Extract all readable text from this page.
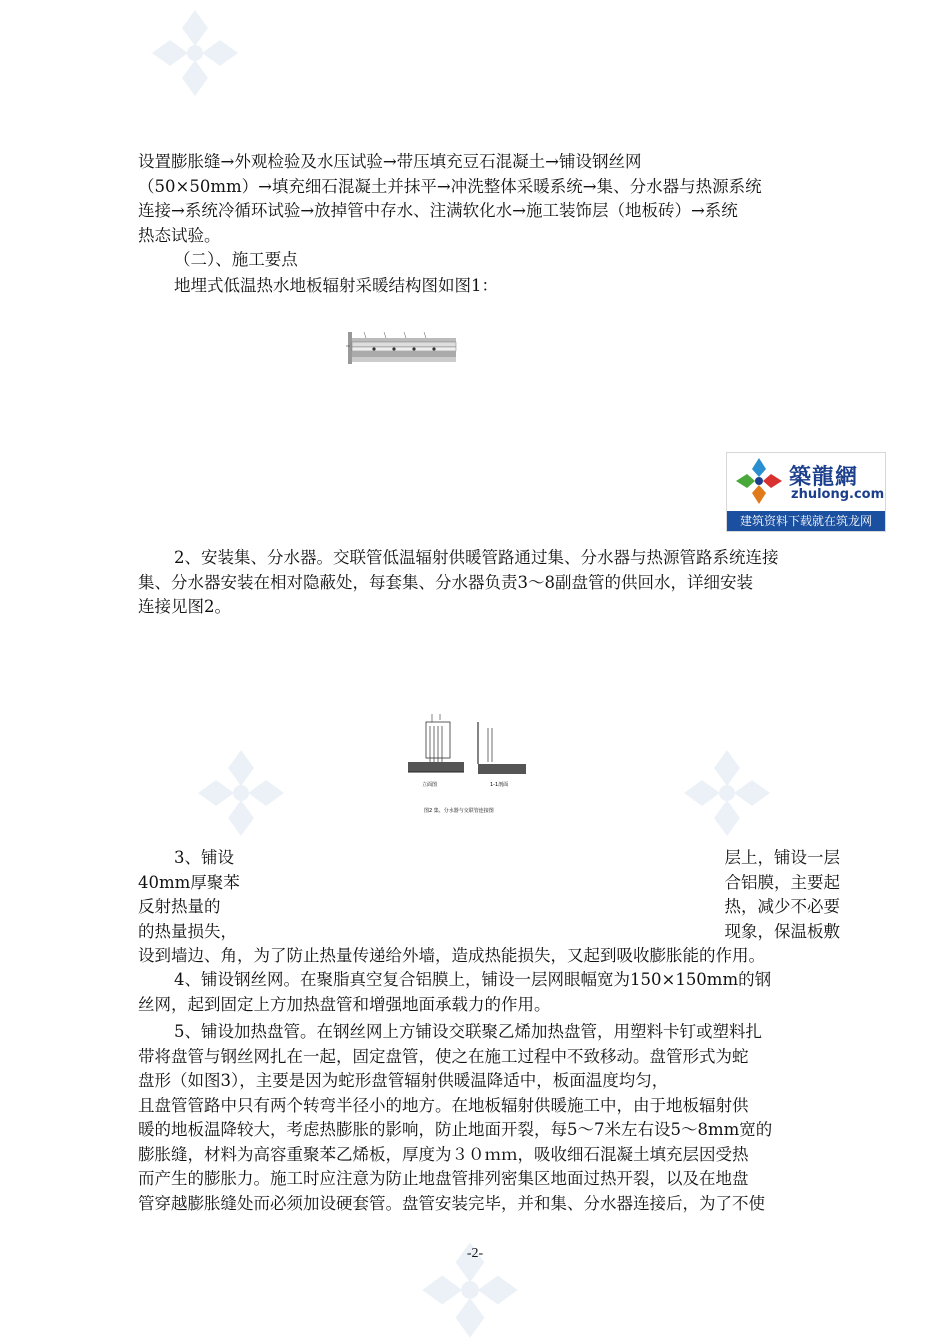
设置膨胀缝→外观检验及水压试验→带压填充豆石混凝土→铺设钢丝网
（50×50mm）→填充细石混凝土并抹平→冲洗整体采暖系统→集、分水器与热源系统
连接→系统冷循环试验→放掉管中存水、注满软化水→施工装饰层（地板砖）→系统
热态试验。
（二）、施工要点
地埋式低温热水地板辐射采暖结构图如图1：
築龍網
zhulong.com
建筑资料下载就在筑龙网
2、安装集、分水器。交联管低温辐射供暖管路通过集、分水器与热源管路系统连接
集、分水器安装在相对隐蔽处，每套集、分水器负责3～8副盘管的供回水，详细安装
连接见图2。
立面图	1-1剖面
图2 集、分水器与交联管连接图
3、铺设
40mm厚聚苯
反射热量的
的热量损失，
设到墙边、角，为了防止热量传递给外墙，造成热能损失，又起到吸收膨胀能的作用。
层上，铺设一层
合铝膜，主要起
热，减少不必要
现象，保温板敷
4、铺设钢丝网。在聚脂真空复合铝膜上，铺设一层网眼幅宽为150×150mm的钢
丝网，起到固定上方加热盘管和增强地面承载力的作用。
5、铺设加热盘管。在钢丝网上方铺设交联聚乙烯加热盘管，用塑料卡钉或塑料扎
带将盘管与钢丝网扎在一起，固定盘管，使之在施工过程中不致移动。盘管形式为蛇
盘形（如图3），主要是因为蛇形盘管辐射供暖温降适中，板面温度均匀，
且盘管管路中只有两个转弯半径小的地方。在地板辐射供暖施工中，由于地板辐射供
暖的地板温降较大，考虑热膨胀的影响，防止地面开裂，每5～7米左右设5～8mm宽的
膨胀缝，材料为高容重聚苯乙烯板，厚度为３０ｍｍ，吸收细石混凝土填充层因受热
而产生的膨胀力。施工时应注意为防止地盘管排列密集区地面过热开裂，以及在地盘
管穿越膨胀缝处而必须加设硬套管。盘管安装完毕，并和集、分水器连接后，为了不使
-2-
